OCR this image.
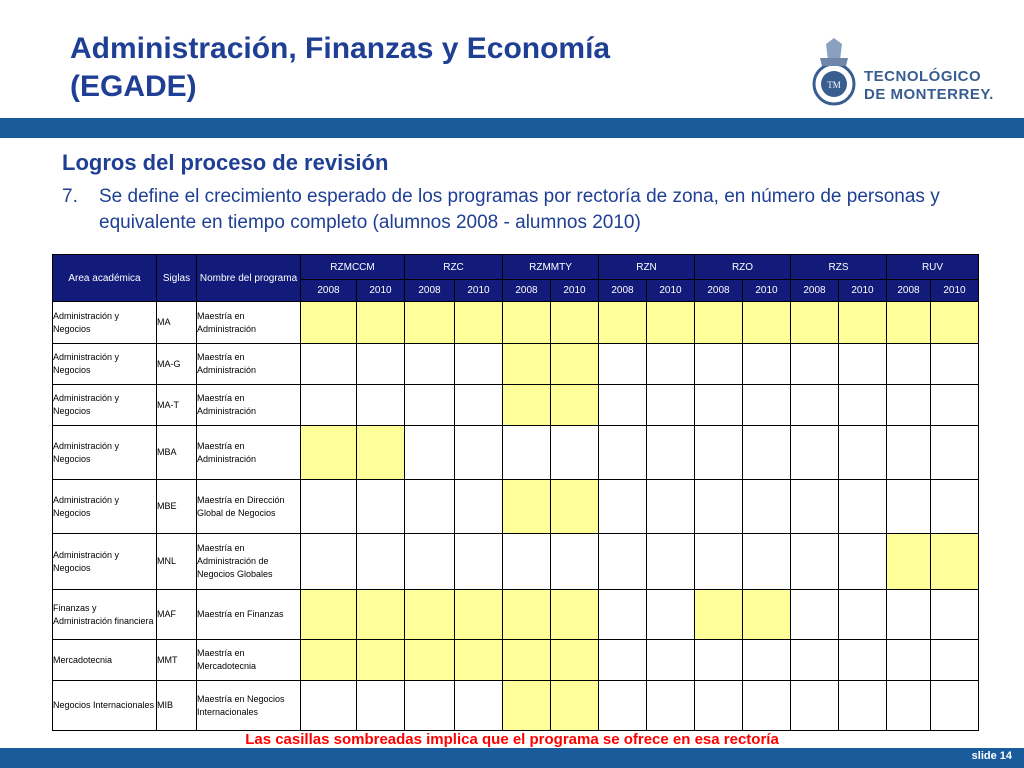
Administración, Finanzas y Economía
(EGADE)	TM TECNOLÓGICO
DE MONTERREY.
Logros del proceso de revisión
7. Se define el crecimiento esperado de los programas por rectoría de zona, en número de personas y equivalente en tiempo completo (alumnos 2008 - alumnos 2010)
Area académica	Siglas	Nombre del programa	RZMCCM		RZC		RZMMTY		RZN		RZO		RZS		RUV	
			2008	2010	2008	2010	2008	2010	2008	2010	2008	2010	2008	2010	2008	2010
Administración y Negocios	MA	Maestría en Administración														
Administración y Negocios	MA-G	Maestría en Administración														
Administración y Negocios	MA-T	Maestría en Administración														
Administración y Negocios	MBA	Maestría en Administración														
Administración y Negocios	MBE	Maestría en Dirección Global de Negocios														
Administración y Negocios	MNL	Maestría en Administración de Negocios Globales														
Finanzas y Administración financiera	MAF	Maestría en Finanzas														
Mercadotecnia	MMT	Maestría en Mercadotecnia														
Negocios Internacionales	MIB	Maestría en Negocios Internacionales														
Las casillas sombreadas implica que el programa se ofrece en esa rectoría
slide 14
